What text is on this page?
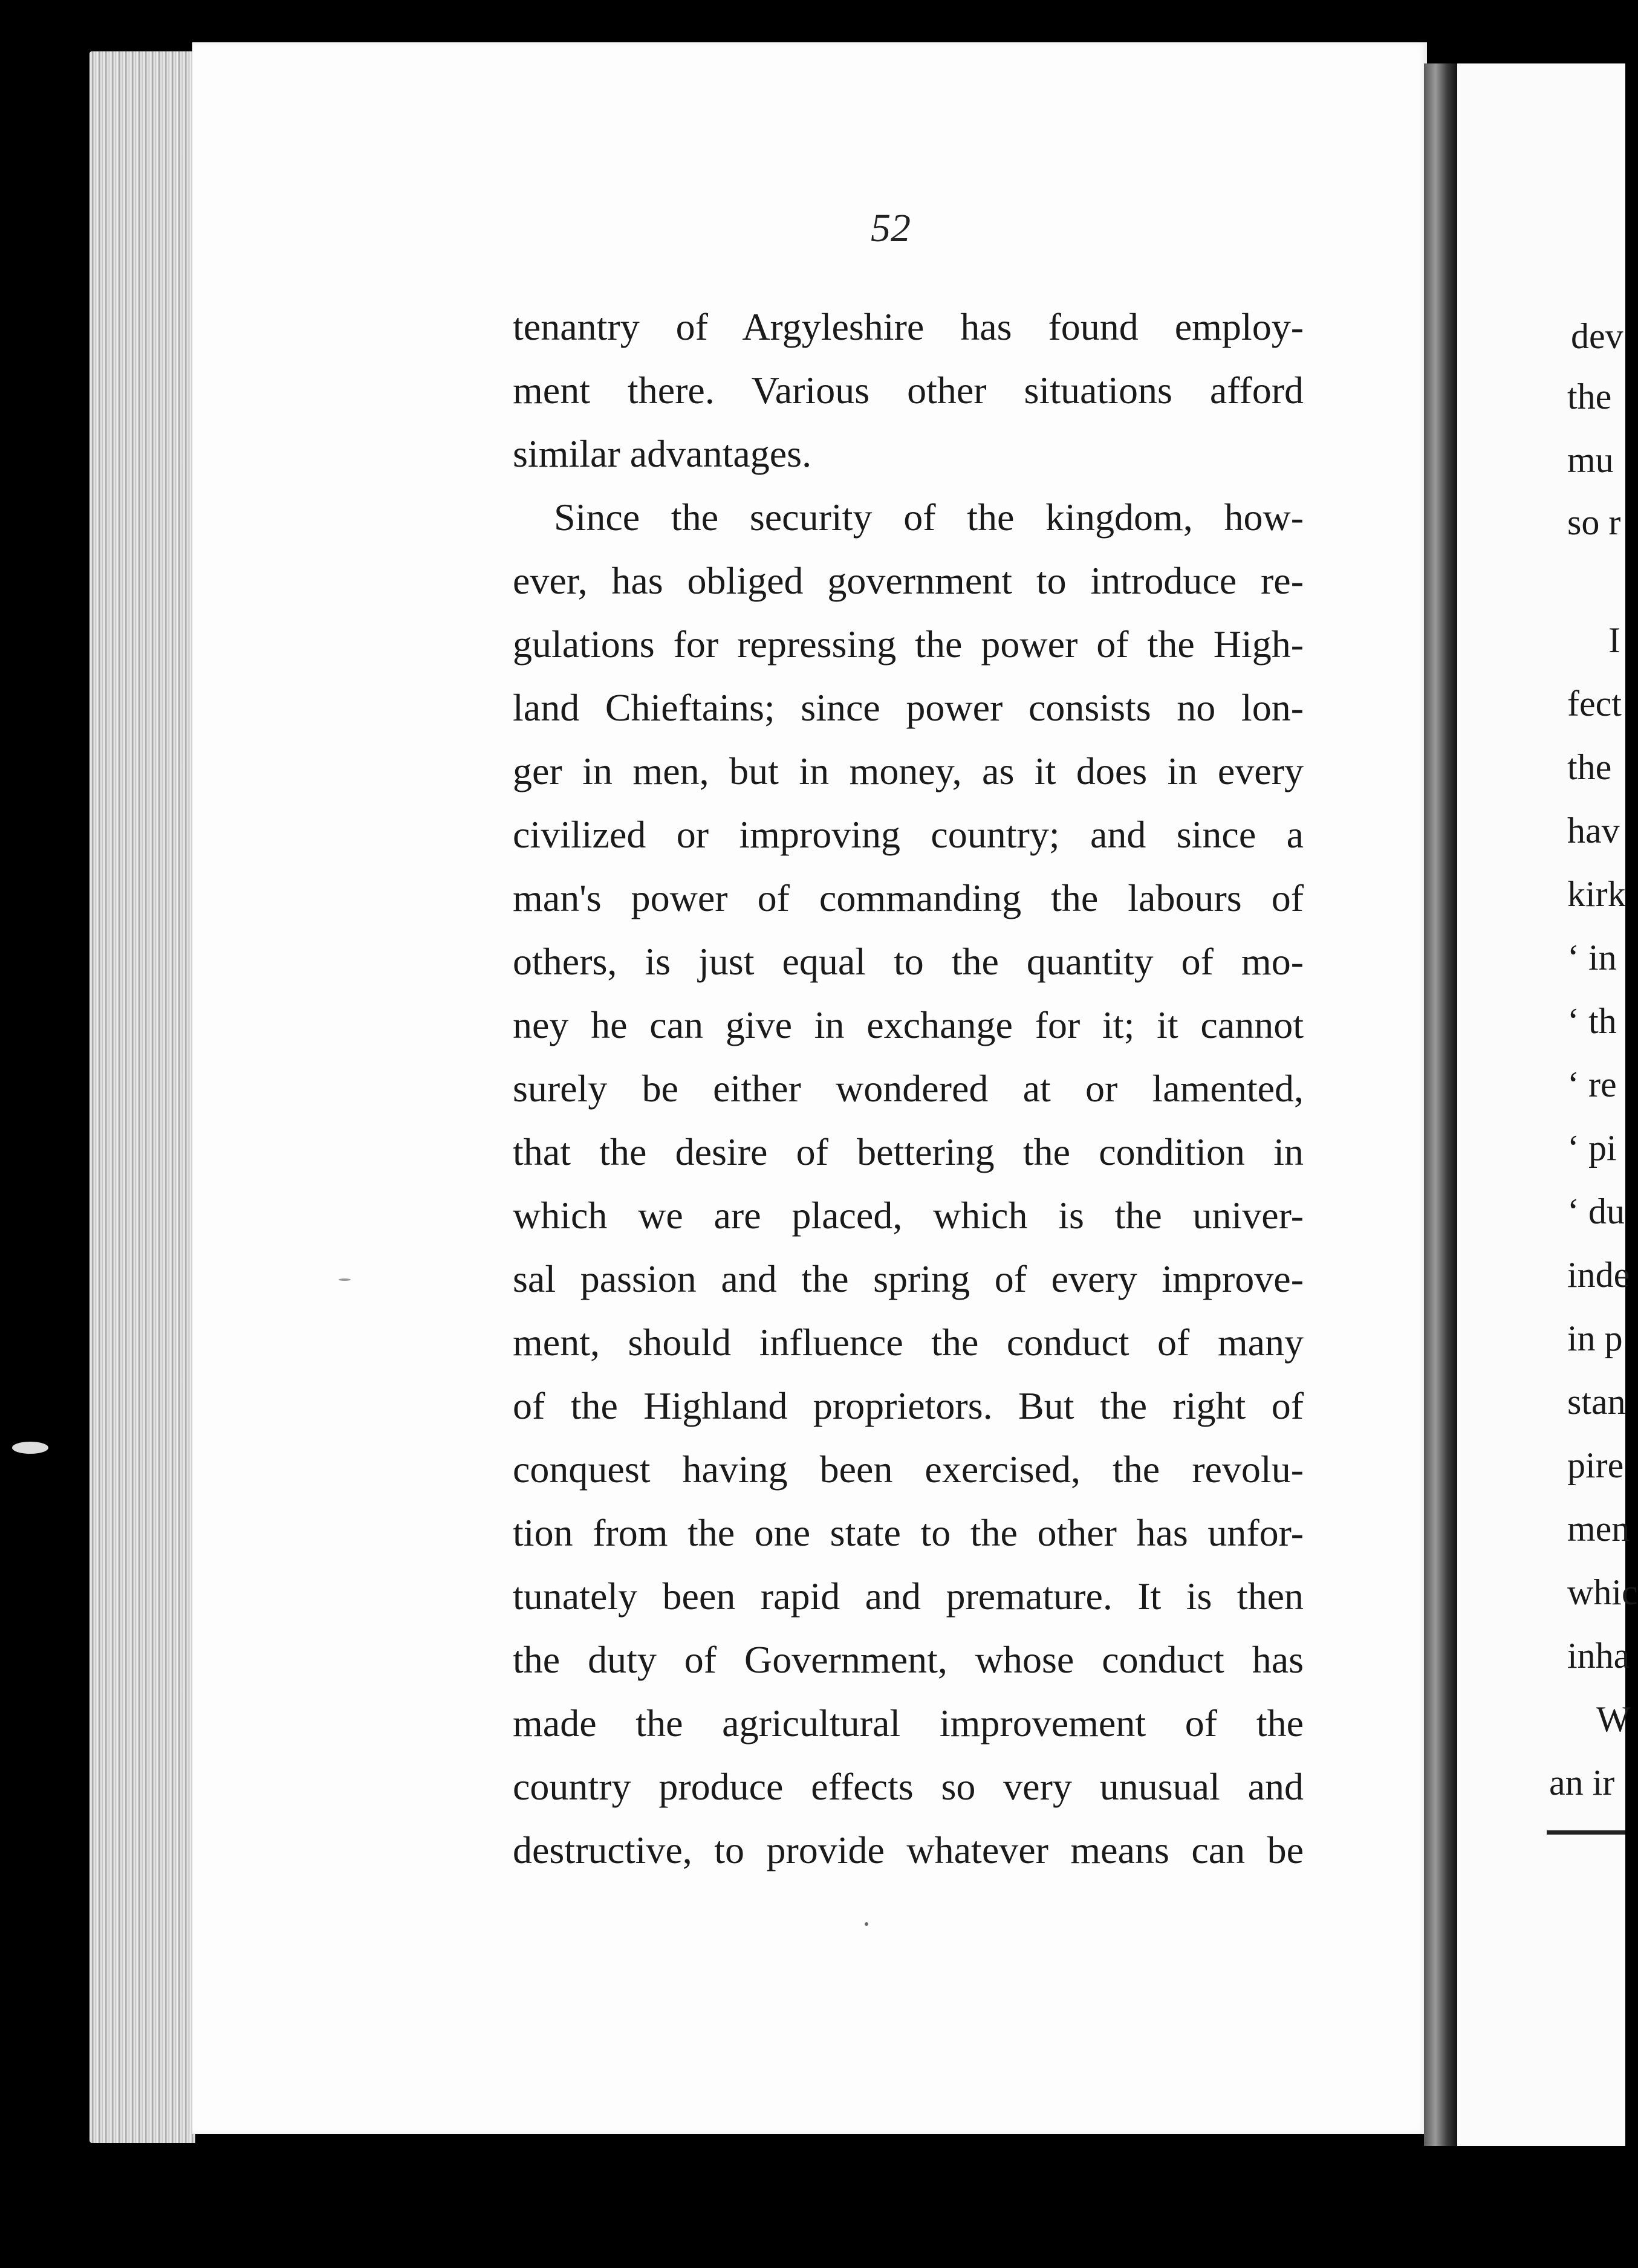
52
tenantry of Argyleshire has found employ-
ment there. Various other situations afford
similar advantages.
Since the security of the kingdom, how-
ever, has obliged government to introduce re-
gulations for repressing the power of the High-
land Chieftains; since power consists no lon-
ger in men, but in money, as it does in every
civilized or improving country; and since a
man's power of commanding the labours of
others, is just equal to the quantity of mo-
ney he can give in exchange for it; it cannot
surely be either wondered at or lamented,
that the desire of bettering the condition in
which we are placed, which is the univer-
sal passion and the spring of every improve-
ment, should influence the conduct of many
of the Highland proprietors. But the right of
conquest having been exercised, the revolu-
tion from the one state to the other has unfor-
tunately been rapid and premature. It is then
the duty of Government, whose conduct has
made the agricultural improvement of the
country produce effects so very unusual and
destructive, to provide whatever means can be
dev
the
mu
so r
I
fect
the
hav
kirk
‘ in
‘ th
‘ re
‘ pi
‘ du
inde
in p
stan
pire
men
whic
inha
W
an ir
